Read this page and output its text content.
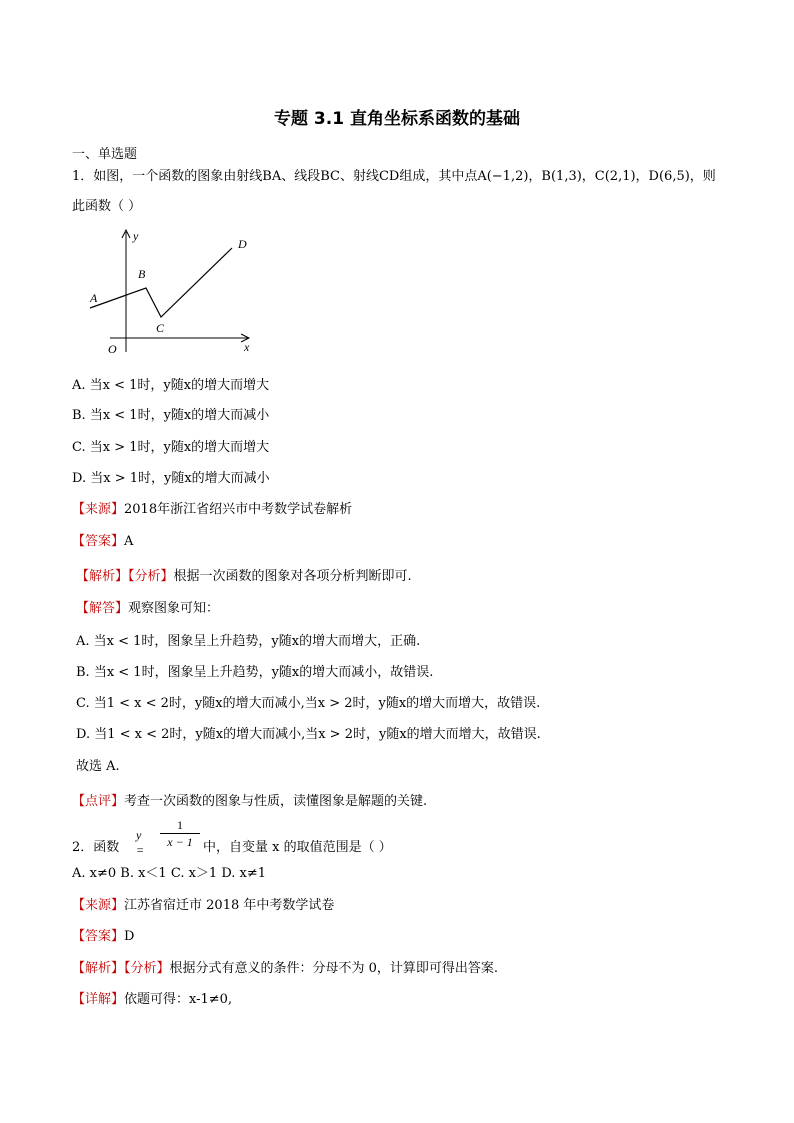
专题 3.1 直角坐标系函数的基础
一、单选题
1．如图，一个函数的图象由射线BA、线段BC、射线CD组成，其中点A(−1,2)，B(1,3)，C(2,1)，D(6,5)，则
此函数（ ）
y
x
O
A
B
C
D
A. 当x < 1时，y随x的增大而增大
B. 当x < 1时，y随x的增大而减小
C. 当x > 1时，y随x的增大而增大
D. 当x > 1时，y随x的增大而减小
【来源】2018年浙江省绍兴市中考数学试卷解析
【答案】A
【解析】【分析】根据一次函数的图象对各项分析判断即可.
【解答】观察图象可知：
A. 当x < 1时，图象呈上升趋势，y随x的增大而增大，正确.
B. 当x < 1时，图象呈上升趋势，y随x的增大而减小，故错误.
C. 当1 < x < 2时，y随x的增大而减小,当x > 2时，y随x的增大而增大，故错误.
D. 当1 < x < 2时，y随x的增大而减小,当x > 2时，y随x的增大而增大，故错误.
故选 A.
【点评】考查一次函数的图象与性质，读懂图象是解题的关键.
2．函数
y =
1
x − 1 中，自变量 x 的取值范围是（ ）
A. x≠0 B. x＜1 C. x＞1 D. x≠1
【来源】江苏省宿迁市 2018 年中考数学试卷
【答案】D
【解析】【分析】根据分式有意义的条件：分母不为 0，计算即可得出答案.
【详解】依题可得：x-1≠0,
